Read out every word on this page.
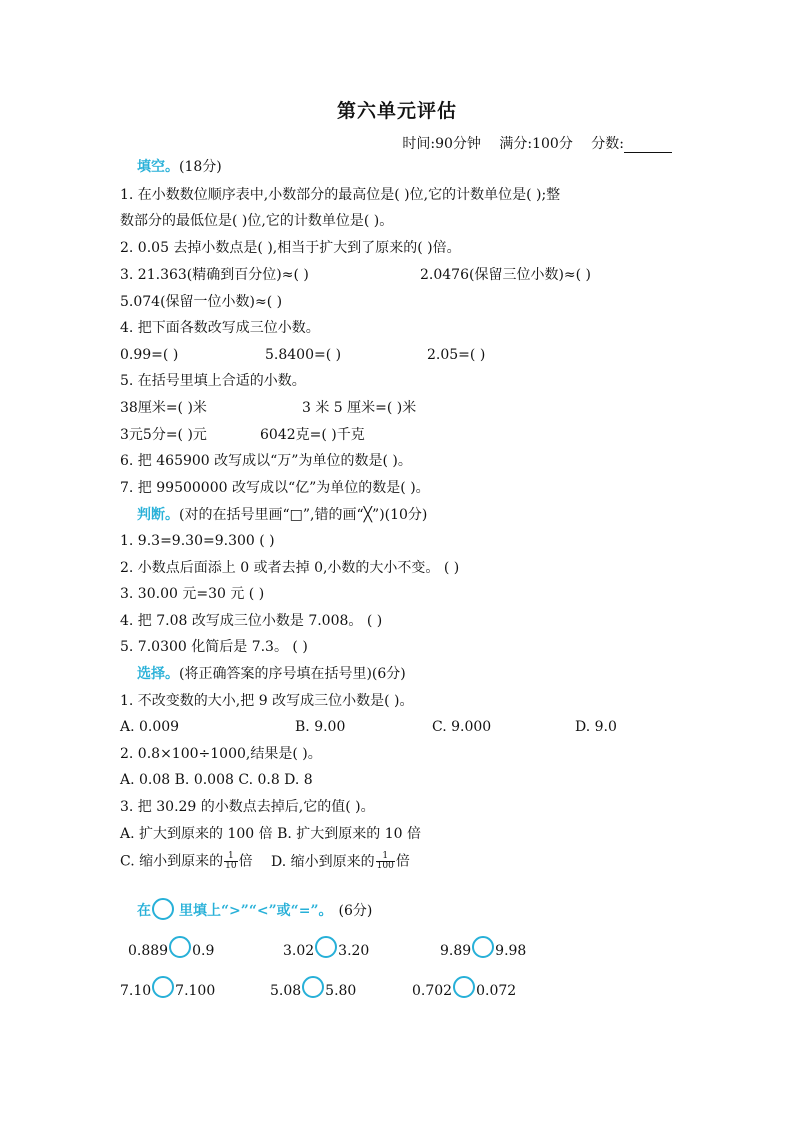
第六单元评估
时间:90分钟 满分:100分 分数:
填空。(18分)
1. 在小数数位顺序表中,小数部分的最高位是( )位,它的计数单位是( );整
数部分的最低位是( )位,它的计数单位是( )。
2. 0.05 去掉小数点是( ),相当于扩大到了原来的( )倍。
3. 21.363(精确到百分位)≈( )	2.0476(保留三位小数)≈( )
5.074(保留一位小数)≈( )
4. 把下面各数改写成三位小数。
0.99=( )	5.8400=( )	2.05=( )
5. 在括号里填上合适的小数。
38厘米=( )米	3 米 5 厘米=( )米
3元5分=( )元	6042克=( )千克
6. 把 465900 改写成以“万”为单位的数是( )。
7. 把 99500000 改写成以“亿”为单位的数是( )。
判断。(对的在括号里画“□”,错的画“╳”)(10分)
1. 9.3=9.30=9.300 ( )
2. 小数点后面添上 0 或者去掉 0,小数的大小不变。 ( )
3. 30.00 元=30 元 ( )
4. 把 7.08 改写成三位小数是 7.008。 ( )
5. 7.0300 化简后是 7.3。 ( )
选择。(将正确答案的序号填在括号里)(6分)
1. 不改变数的大小,把 9 改写成三位小数是( )。
A. 0.009	B. 9.00	C. 9.000	D. 9.0
2. 0.8×100÷1000,结果是( )。
A. 0.08 B. 0.008 C. 0.8 D. 8
3. 把 30.29 的小数点去掉后,它的值( )。
A. 扩大到原来的 100 倍 B. 扩大到原来的 10 倍
C. 缩小到原来的 $\frac{1}{10}$ 倍 D. 缩小到原来的 $\frac{1}{100}$ 倍
在 里填上“>”“<”或“=”。 (6分)
0.889 0.9	3.02 3.20	9.89 9.98
7.10 7.100	5.08 5.80	0.702 0.072
